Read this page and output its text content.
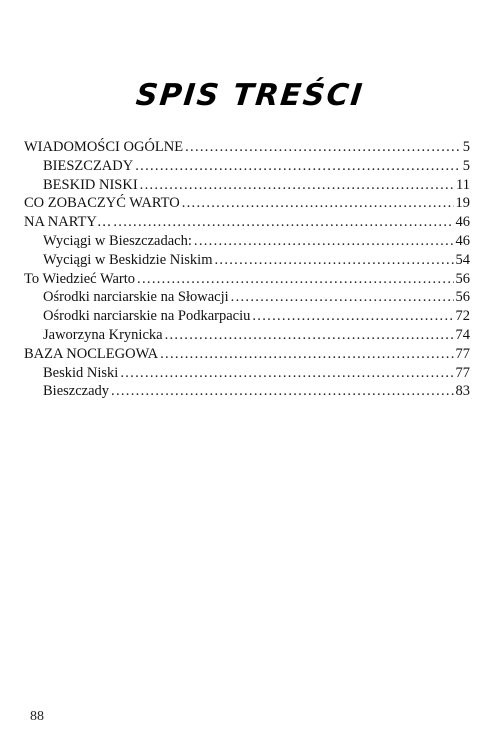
SPIS TREŚCI
WIADOMOŚCI OGÓLNE .....	5
BIESZCZADY .....	5
BESKID NISKI .....	11
CO ZOBACZYĆ WARTO .....	19
NA NARTY… .....	46
Wyciągi w Bieszczadach: .....	46
Wyciągi w Beskidzie Niskim .....	54
To Wiedzieć Warto .....	56
Ośrodki narciarskie na Słowacji .....	56
Ośrodki narciarskie na Podkarpaciu .....	72
Jaworzyna Krynicka .....	74
BAZA NOCLEGOWA .....	77
Beskid Niski .....	77
Bieszczady .....	83

88
